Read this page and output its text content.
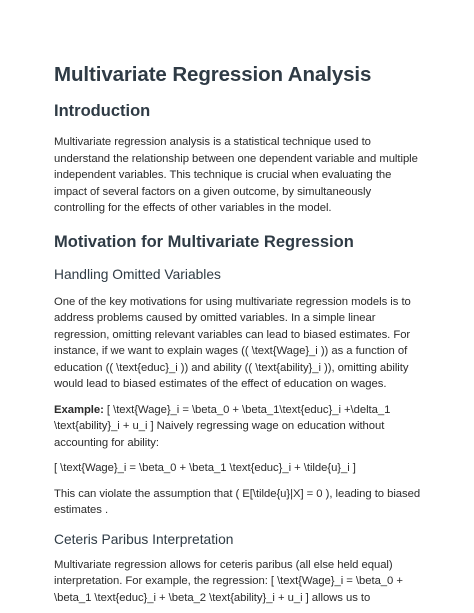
Multivariate Regression Analysis
Introduction

Multivariate regression analysis is a statistical technique used to understand the relationship between one dependent variable and multiple independent variables. This technique is crucial when evaluating the impact of several factors on a given outcome, by simultaneously controlling for the effects of other variables in the model.

Motivation for Multivariate Regression
Handling Omitted Variables

One of the key motivations for using multivariate regression models is to address problems caused by omitted variables. In a simple linear regression, omitting relevant variables can lead to biased estimates. For instance, if we want to explain wages (( \text{Wage}_i )) as a function of education (( \text{educ}_i )) and ability (( \text{ability}_i )), omitting ability would lead to biased estimates of the effect of education on wages.

Example: [ \text{Wage}_i = \beta_0 + \beta_1\text{educ}_i +\delta_1 \text{ability}_i + u_i ] Naively regressing wage on education without accounting for ability:

[ \text{Wage}_i = \beta_0 + \beta_1 \text{educ}_i + \tilde{u}_i ]

This can violate the assumption that ( E[\tilde{u}|X] = 0 ), leading to biased estimates .

Ceteris Paribus Interpretation

Multivariate regression allows for ceteris paribus (all else held equal) interpretation. For example, the regression: [ \text{Wage}_i = \beta_0 + \beta_1 \text{educ}_i + \beta_2 \text{ability}_i + u_i ] allows us to
